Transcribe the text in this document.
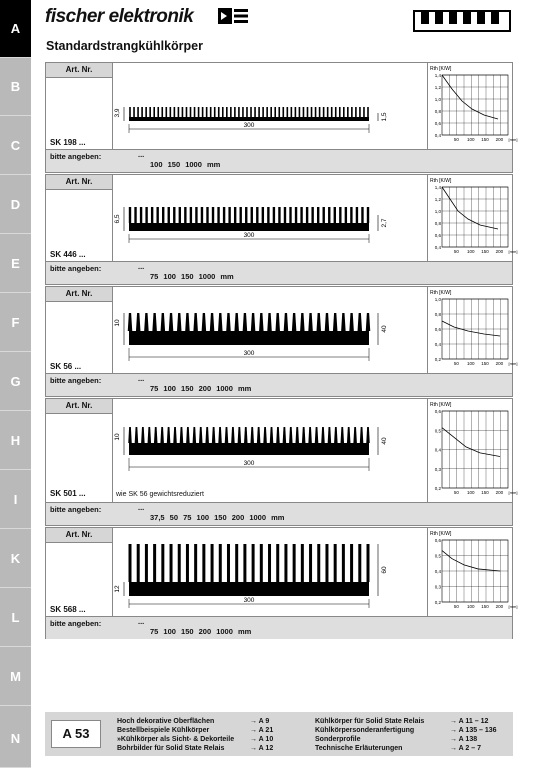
A
B
C
D
E
F
G
H
I
K
L
M
N
fischer elektronik
Standardstrangkühlkörper
Art. Nr.
SK 198 ...
3,9	1,5
300
Rth [K/W]
1,4
1,2
1,0
0,8
0,6
0,4
50 100 150 200 [mm]
bitte angeben:	...
100 150 1000 mm
Art. Nr.
SK 446 ...
6,5	2,7
300
Rth [K/W]
1,4
1,2
1,0
0,8
0,6
0,4
50 100 150 200 [mm]
bitte angeben:	...
75 100 150 1000 mm
Art. Nr.
SK 56 ...
10
40
300
Rth [K/W]
1,0
0,8
0,6
0,4
0,2
50 100 150 200 [mm]
bitte angeben:	...
75 100 150 200 1000 mm
Art. Nr.
SK 501 ...	wie SK 56 gewichtsreduziert
10
40
300
Rth [K/W]
0,6
0,5
0,4
0,3
0,2
50 100 150 200 [mm]
bitte angeben:	...
37,5 50 75 100 150 200 1000 mm
Art. Nr.
SK 568 ...
12
60
300
Rth [K/W]
0,6
0,5
0,4
0,3
0,2
50 100 150 200 [mm]
bitte angeben:	...
75 100 150 200 1000 mm
A 53
Hoch dekorative Oberflächen	→ A 9
Bestellbeispiele Kühlkörper	→ A 21
»Kühlkörper als Sicht- & Dekorteile → A 10
Bohrbilder für Solid State Relais	→ A 12
Kühlkörper für Solid State Relais	→ A 11 – 12
Kühlkörpersonderanfertigung	→ A 135 – 136
Sonderprofile	→ A 138
Technische Erläuterungen	→ A 2 – 7
